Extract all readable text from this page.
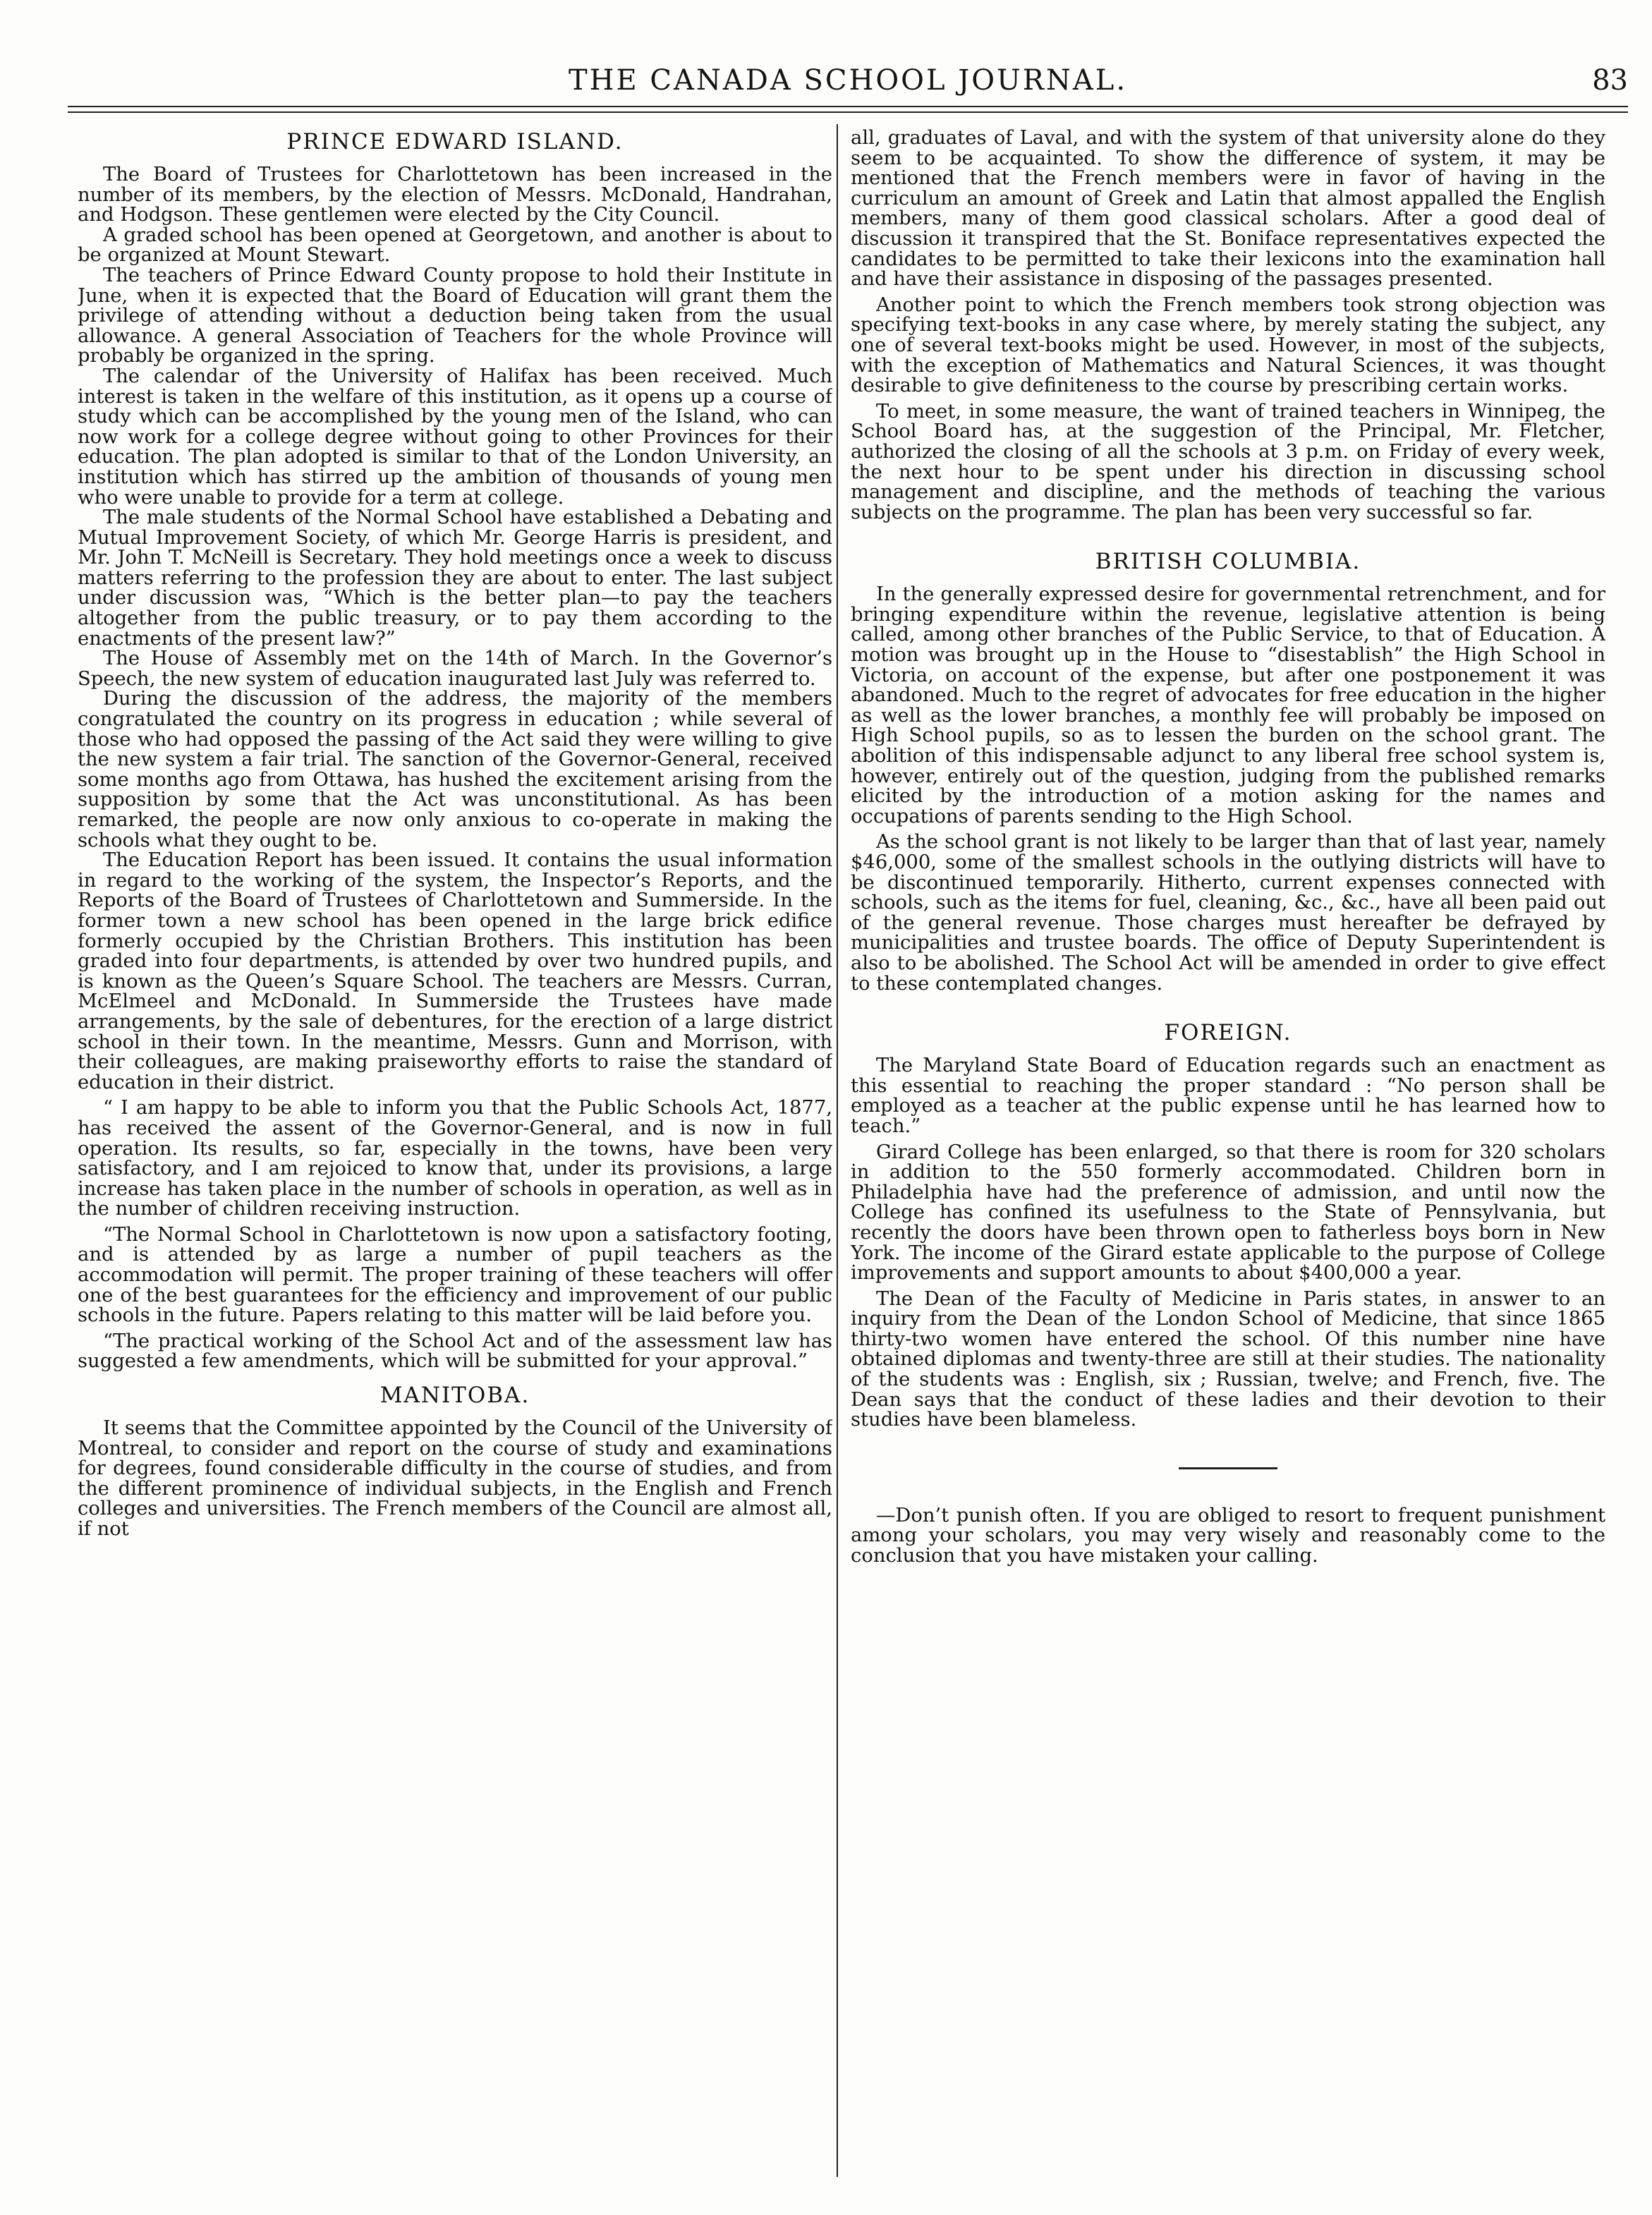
THE CANADA SCHOOL JOURNAL.	83
PRINCE EDWARD ISLAND.

The Board of Trustees for Charlottetown has been increased in the number of its members, by the election of Messrs. McDonald, Handrahan, and Hodgson. These gentlemen were elected by the City Council.

A graded school has been opened at Georgetown, and another is about to be organized at Mount Stewart.

The teachers of Prince Edward County propose to hold their Institute in June, when it is expected that the Board of Education will grant them the privilege of attending without a deduction being taken from the usual allowance. A general Association of Teachers for the whole Province will probably be organized in the spring.

The calendar of the University of Halifax has been received. Much interest is taken in the welfare of this institution, as it opens up a course of study which can be accomplished by the young men of the Island, who can now work for a college degree without going to other Provinces for their education. The plan adopted is similar to that of the London University, an institution which has stirred up the ambition of thousands of young men who were unable to provide for a term at college.

The male students of the Normal School have established a Debating and Mutual Improvement Society, of which Mr. George Harris is president, and Mr. John T. McNeill is Secretary. They hold meetings once a week to discuss matters referring to the profession they are about to enter. The last subject under discussion was, “Which is the better plan—to pay the teachers altogether from the public treasury, or to pay them according to the enactments of the present law?”

The House of Assembly met on the 14th of March. In the Governor’s Speech, the new system of education inaugurated last July was referred to.

During the discussion of the address, the majority of the members congratulated the country on its progress in education ; while several of those who had opposed the passing of the Act said they were willing to give the new system a fair trial. The sanction of the Governor-General, received some months ago from Ottawa, has hushed the excitement arising from the supposition by some that the Act was unconstitutional. As has been remarked, the people are now only anxious to co-operate in making the schools what they ought to be.

The Education Report has been issued. It contains the usual information in regard to the working of the system, the Inspector’s Reports, and the Reports of the Board of Trustees of Charlottetown and Summerside. In the former town a new school has been opened in the large brick edifice formerly occupied by the Christian Brothers. This institution has been graded into four departments, is attended by over two hundred pupils, and is known as the Queen’s Square School. The teachers are Messrs. Curran, McElmeel and McDonald. In Summerside the Trustees have made arrangements, by the sale of debentures, for the erection of a large district school in their town. In the meantime, Messrs. Gunn and Morrison, with their colleagues, are making praiseworthy efforts to raise the standard of education in their district.

“ I am happy to be able to inform you that the Public Schools Act, 1877, has received the assent of the Governor-General, and is now in full operation. Its results, so far, especially in the towns, have been very satisfactory, and I am rejoiced to know that, under its provisions, a large increase has taken place in the number of schools in operation, as well as in the number of children receiving instruction.

“The Normal School in Charlottetown is now upon a satisfactory footing, and is attended by as large a number of pupil teachers as the accommodation will permit. The proper training of these teachers will offer one of the best guarantees for the efficiency and improvement of our public schools in the future. Papers relating to this matter will be laid before you.

“The practical working of the School Act and of the assessment law has suggested a few amendments, which will be submitted for your approval.”

MANITOBA.

It seems that the Committee appointed by the Council of the University of Montreal, to consider and report on the course of study and examinations for degrees, found considerable difficulty in the course of studies, and from the different prominence of individual subjects, in the English and French colleges and universities. The French members of the Council are almost all, if not

all, graduates of Laval, and with the system of that university alone do they seem to be acquainted. To show the difference of system, it may be mentioned that the French members were in favor of having in the curriculum an amount of Greek and Latin that almost appalled the English members, many of them good classical scholars. After a good deal of discussion it transpired that the St. Boniface representatives expected the candidates to be permitted to take their lexicons into the examination hall and have their assistance in disposing of the passages presented.

Another point to which the French members took strong objection was specifying text-books in any case where, by merely stating the subject, any one of several text-books might be used. However, in most of the subjects, with the exception of Mathematics and Natural Sciences, it was thought desirable to give definiteness to the course by prescribing certain works.

To meet, in some measure, the want of trained teachers in Winnipeg, the School Board has, at the suggestion of the Principal, Mr. Fletcher, authorized the closing of all the schools at 3 p.m. on Friday of every week, the next hour to be spent under his direction in discussing school management and discipline, and the methods of teaching the various subjects on the programme. The plan has been very successful so far.

BRITISH COLUMBIA.

In the generally expressed desire for governmental retrenchment, and for bringing expenditure within the revenue, legislative attention is being called, among other branches of the Public Service, to that of Education. A motion was brought up in the House to “disestablish” the High School in Victoria, on account of the expense, but after one postponement it was abandoned. Much to the regret of advocates for free education in the higher as well as the lower branches, a monthly fee will probably be imposed on High School pupils, so as to lessen the burden on the school grant. The abolition of this indispensable adjunct to any liberal free school system is, however, entirely out of the question, judging from the published remarks elicited by the introduction of a motion asking for the names and occupations of parents sending to the High School.

As the school grant is not likely to be larger than that of last year, namely $46,000, some of the smallest schools in the outlying districts will have to be discontinued temporarily. Hitherto, current expenses connected with schools, such as the items for fuel, cleaning, &c., &c., have all been paid out of the general revenue. Those charges must hereafter be defrayed by municipalities and trustee boards. The office of Deputy Superintendent is also to be abolished. The School Act will be amended in order to give effect to these contemplated changes.

FOREIGN.

The Maryland State Board of Education regards such an enactment as this essential to reaching the proper standard : “No person shall be employed as a teacher at the public expense until he has learned how to teach.”

Girard College has been enlarged, so that there is room for 320 scholars in addition to the 550 formerly accommodated. Children born in Philadelphia have had the preference of admission, and until now the College has confined its usefulness to the State of Pennsylvania, but recently the doors have been thrown open to fatherless boys born in New York. The income of the Girard estate applicable to the purpose of College improvements and support amounts to about $400,000 a year.

The Dean of the Faculty of Medicine in Paris states, in answer to an inquiry from the Dean of the London School of Medicine, that since 1865 thirty-two women have entered the school. Of this number nine have obtained diplomas and twenty-three are still at their studies. The nationality of the students was : English, six ; Russian, twelve; and French, five. The Dean says that the conduct of these ladies and their devotion to their studies have been blameless.

—Don’t punish often. If you are obliged to resort to frequent punishment among your scholars, you may very wisely and reasonably come to the conclusion that you have mistaken your calling.
